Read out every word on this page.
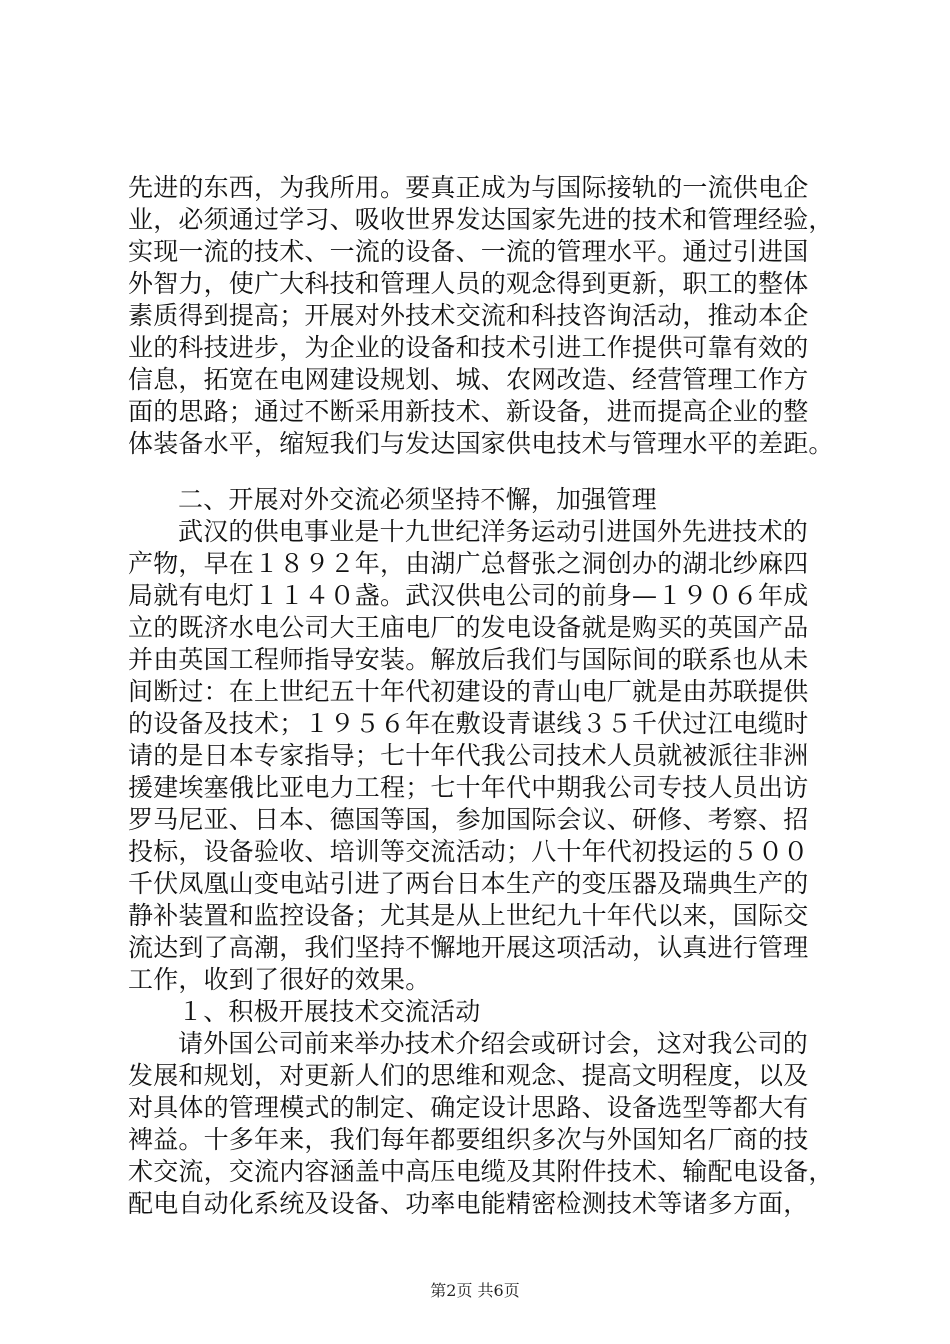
先进的东西，为我所用。要真正成为与国际接轨的一流供电企
业，必须通过学习、吸收世界发达国家先进的技术和管理经验，
实现一流的技术、一流的设备、一流的管理水平。通过引进国
外智力，使广大科技和管理人员的观念得到更新，职工的整体
素质得到提高；开展对外技术交流和科技咨询活动，推动本企
业的科技进步，为企业的设备和技术引进工作提供可靠有效的
信息，拓宽在电网建设规划、城、农网改造、经营管理工作方
面的思路；通过不断采用新技术、新设备，进而提高企业的整
体装备水平，缩短我们与发达国家供电技术与管理水平的差距。
二、开展对外交流必须坚持不懈，加强管理
武汉的供电事业是十九世纪洋务运动引进国外先进技术的
产物，早在１８９２年，由湖广总督张之洞创办的湖北纱麻四
局就有电灯１１４０盏。武汉供电公司的前身—１９０６年成
立的既济水电公司大王庙电厂的发电设备就是购买的英国产品
并由英国工程师指导安装。解放后我们与国际间的联系也从未
间断过：在上世纪五十年代初建设的青山电厂就是由苏联提供
的设备及技术；１９５６年在敷设青谌线３５千伏过江电缆时
请的是日本专家指导；七十年代我公司技术人员就被派往非洲
援建埃塞俄比亚电力工程；七十年代中期我公司专技人员出访
罗马尼亚、日本、德国等国，参加国际会议、研修、考察、招
投标，设备验收、培训等交流活动；八十年代初投运的５００
千伏凤凰山变电站引进了两台日本生产的变压器及瑞典生产的
静补装置和监控设备；尤其是从上世纪九十年代以来，国际交
流达到了高潮，我们坚持不懈地开展这项活动，认真进行管理
工作，收到了很好的效果。
１、积极开展技术交流活动
请外国公司前来举办技术介绍会或研讨会，这对我公司的
发展和规划，对更新人们的思维和观念、提高文明程度，以及
对具体的管理模式的制定、确定设计思路、设备选型等都大有
裨益。十多年来，我们每年都要组织多次与外国知名厂商的技
术交流，交流内容涵盖中高压电缆及其附件技术、输配电设备，
配电自动化系统及设备、功率电能精密检测技术等诸多方面，
第2页 共6页
